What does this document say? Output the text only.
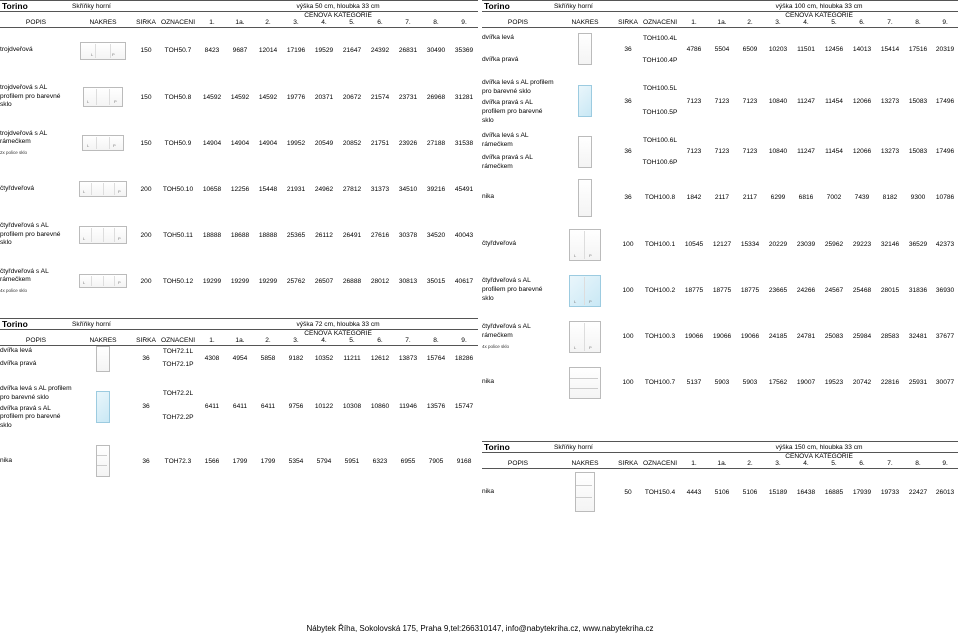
Torino	Skříňky horní			výška 50 cm, hloubka 33 cm									
				CENOVÁ KATEGORIE									
POPIS	NÁKRES	ŠÍŘKA	OZNAČENÍ	1.	1a.	2.	3.	4.	5.	6.	7.	8.	9.
trojdveřová	L P	150	TOH50.7	8423	9687	12014	17196	19529	21647	24392	26831	30490	35369
trojdveřová s AL profilem pro barevné sklo	L P	150	TOH50.8	14592	14592	14592	19776	20371	20672	21574	23731	26968	31281
trojdveřová s AL rámečkem
2x police sklo	L P	150	TOH50.9	14904	14904	14904	19952	20549	20852	21751	23926	27188	31538
čtyřdveřová	L P	200	TOH50.10	10658	12256	15448	21931	24962	27812	31373	34510	39216	45491
čtyřdveřová s AL profilem pro barevné sklo	L P	200	TOH50.11	18888	18688	18888	25365	26112	26491	27616	30378	34520	40043
čtyřdveřová s AL rámečkem
4x police sklo	L P	200	TOH50.12	19299	19299	19299	25762	26507	26888	28012	30813	35015	40617
Torino	Skříňky horní			výška 72 cm, hloubka 33 cm									
				CENOVÁ KATEGORIE									
POPIS	NÁKRES	ŠÍŘKA	OZNAČENÍ	1.	1a.	2.	3.	4.	5.	6.	7.	8.	9.
dvířka levá		36	TOH72.1L	4308	4954	5858	9182	10352	11211	12612	13873	15764	18286
dvířka pravá			TOH72.1P										

dvířka levá s AL profilem pro barevné sklo		36	TOH72.2L	6411	6411	6411	9756	10122	10308	10860	11946	13576	15747
dvířka pravá s AL profilem pro barevné sklo			TOH72.2P										

nika		36	TOH72.3	1566	1799	1799	5354	5794	5951	6323	6955	7905	9168
Torino	Skříňky horní			výška 100 cm, hloubka 33 cm									
				CENOVÁ KATEGORIE									
POPIS	NÁKRES	ŠÍŘKA	OZNAČENÍ	1.	1a.	2.	3.	4.	5.	6.	7.	8.	9.
dvířka levá		36	TOH100.4L	4786	5504	6509	10203	11501	12456	14013	15414	17516	20319
dvířka pravá			TOH100.4P										

dvířka levá s AL profilem pro barevné sklo		36	TOH100.5L	7123	7123	7123	10840	11247	11454	12066	13273	15083	17496
dvířka pravá s AL profilem pro barevné sklo			TOH100.5P										

dvířka levá s AL rámečkem		36	TOH100.6L	7123	7123	7123	10840	11247	11454	12066	13273	15083	17496
dvířka pravá s AL rámečkem			TOH100.6P										
nika		36	TOH100.8	1842	2117	2117	6299	6816	7002	7439	8182	9300	10786
čtyřdveřová	L P	100	TOH100.1	10545	12127	15334	20229	23039	25962	29223	32146	36529	42373
čtyřdveřová s AL profilem pro barevné sklo	L P	100	TOH100.2	18775	18775	18775	23665	24266	24567	25468	28015	31836	36930
čtyřdveřová s AL rámečkem
4x police sklo	L P	100	TOH100.3	19066	19066	19066	24185	24781	25083	25984	28583	32481	37677
nika		100	TOH100.7	5137	5903	5903	17562	19007	19523	20742	22816	25931	30077
Torino	Skříňky horní			výška 150 cm, hloubka 33 cm									
				CENOVÁ KATEGORIE									
POPIS	NÁKRES	ŠÍŘKA	OZNAČENÍ	1.	1a.	2.	3.	4.	5.	6.	7.	8.	9.
nika		50	TOH150.4	4443	5106	5106	15189	16438	16885	17939	19733	22427	26013
Nábytek Říha, Sokolovská 175, Praha 9,tel:266310147, info@nabytekriha.cz, www.nabytekriha.cz
